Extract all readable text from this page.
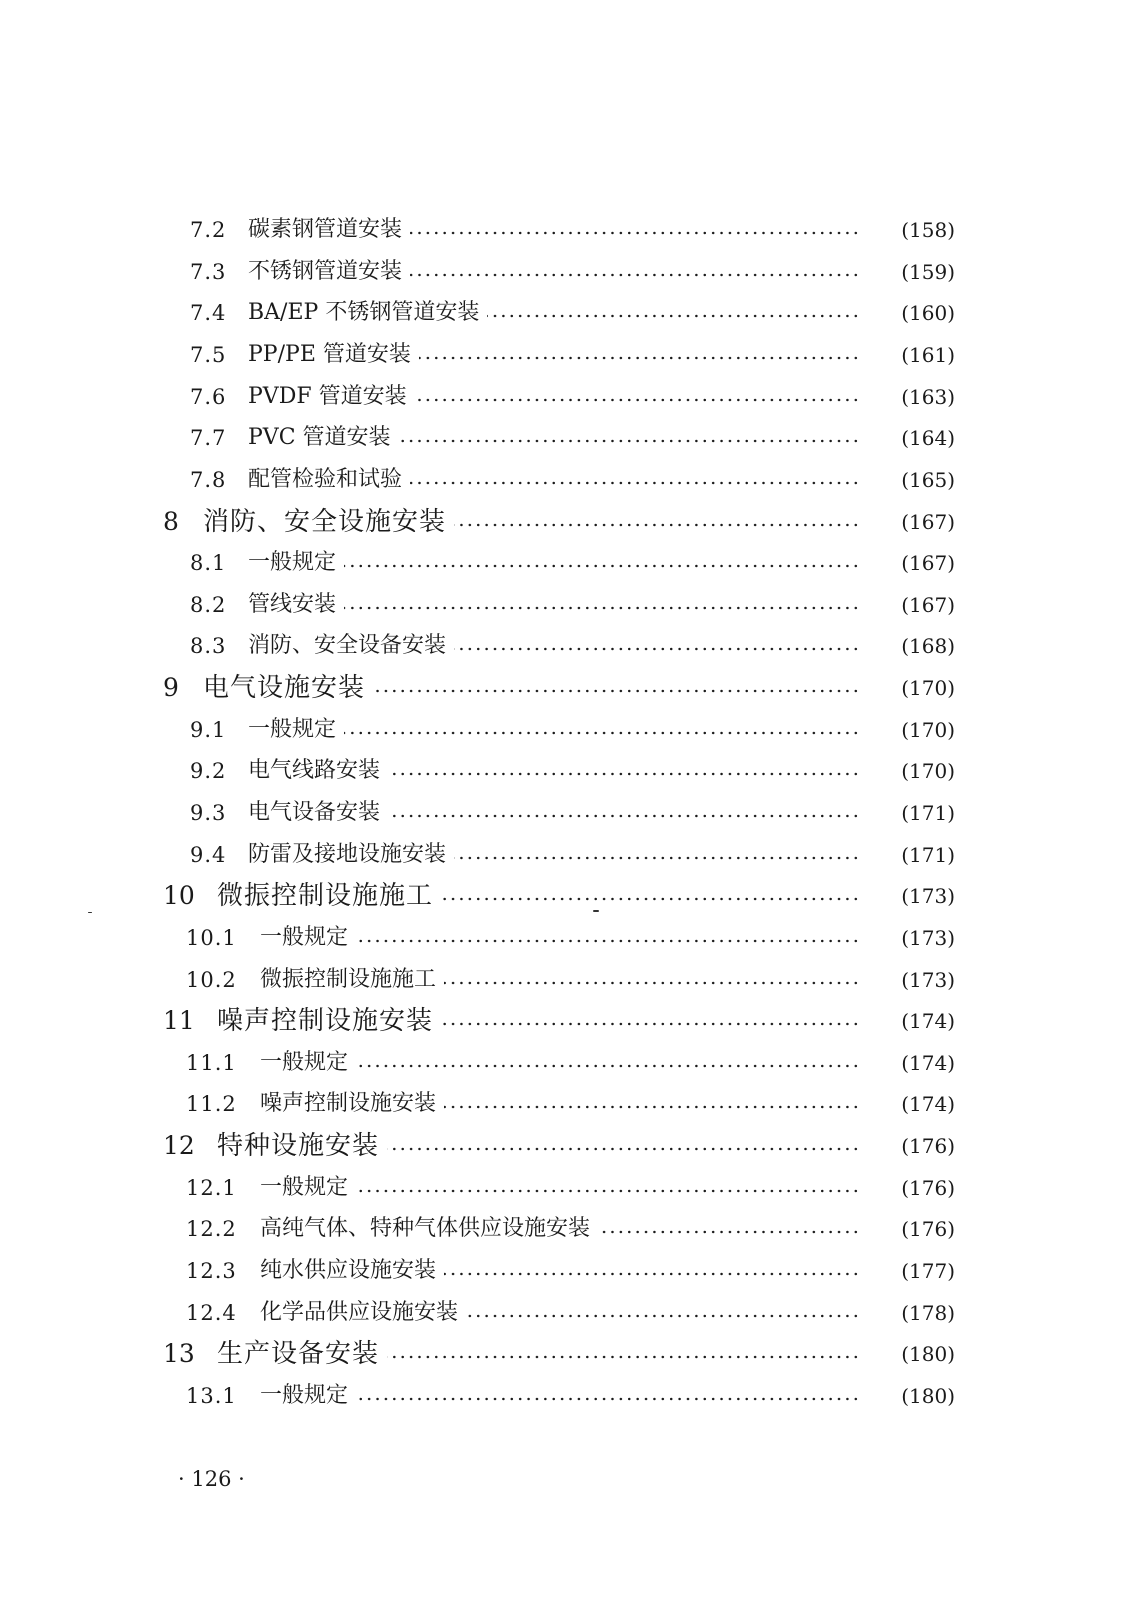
7.2 碳素钢管道安装	(158)
7.3 不锈钢管道安装	(159)
7.4 BA/EP 不锈钢管道安装	(160)
7.5 PP/PE 管道安装	(161)
7.6 PVDF 管道安装	(163)
7.7 PVC 管道安装	(164)
7.8 配管检验和试验	(165)
8 消防、安全设施安装	(167)
8.1 一般规定	(167)
8.2 管线安装	(167)
8.3 消防、安全设备安装	(168)
9 电气设施安装	(170)
9.1 一般规定	(170)
9.2 电气线路安装	(170)
9.3 电气设备安装	(171)
9.4 防雷及接地设施安装	(171)
10 微振控制设施施工	(173)
10.1 一般规定	(173)
10.2 微振控制设施施工	(173)
11 噪声控制设施安装	(174)
11.1 一般规定	(174)
11.2 噪声控制设施安装	(174)
12 特种设施安装	(176)
12.1 一般规定	(176)
12.2 高纯气体、特种气体供应设施安装	(176)
12.3 纯水供应设施安装	(177)
12.4 化学品供应设施安装	(178)
13 生产设备安装	(180)
13.1 一般规定	(180)
· 126 ·
